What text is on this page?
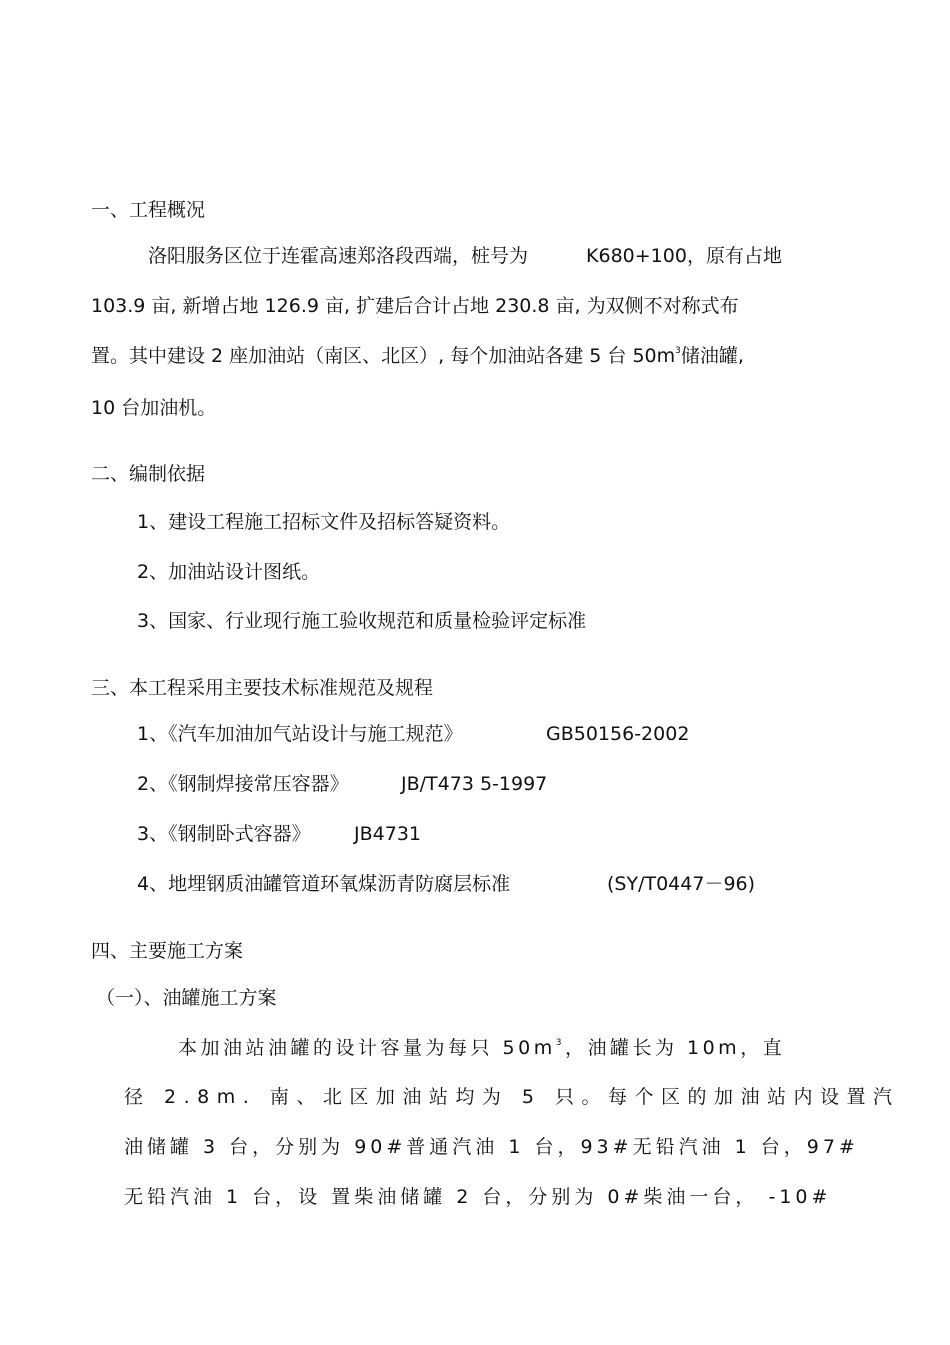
一、工程概况
洛阳服务区位于连霍高速郑洛段西端，桩号为	K680+100，原有占地
103.9 亩, 新增占地 126.9 亩, 扩建后合计占地 230.8 亩, 为双侧不对称式布
置。其中建设 2 座加油站（南区、北区）, 每个加油站各建 5 台 $50m^3$储油罐,
10 台加油机。
二、编制依据
1、建设工程施工招标文件及招标答疑资料。
2、加油站设计图纸。
3、国家、行业现行施工验收规范和质量检验评定标准
三、本工程采用主要技术标准规范及规程
1、《汽车加油加气站设计与施工规范》	GB50156-2002
2、《钢制焊接常压容器》	JB/T473 5-1997
3、《钢制卧式容器》 JB4731
4、地埋钢质油罐管道环氧煤沥青防腐层标准	(SY/T0447－96)
四、主要施工方案
（一）、油罐施工方案
本加油站油罐的设计容量为每只 $50m^3$，油罐长为 10m，直
径 2.8m. 南、北区加油站均为 5 只。每个区的加油站内设置汽
油储罐 3 台，分别为 90#普通汽油 1 台，93#无铅汽油 1 台，97#
无铅汽油 1 台，设 置柴油储罐 2 台，分别为 0#柴油一台， -10#
